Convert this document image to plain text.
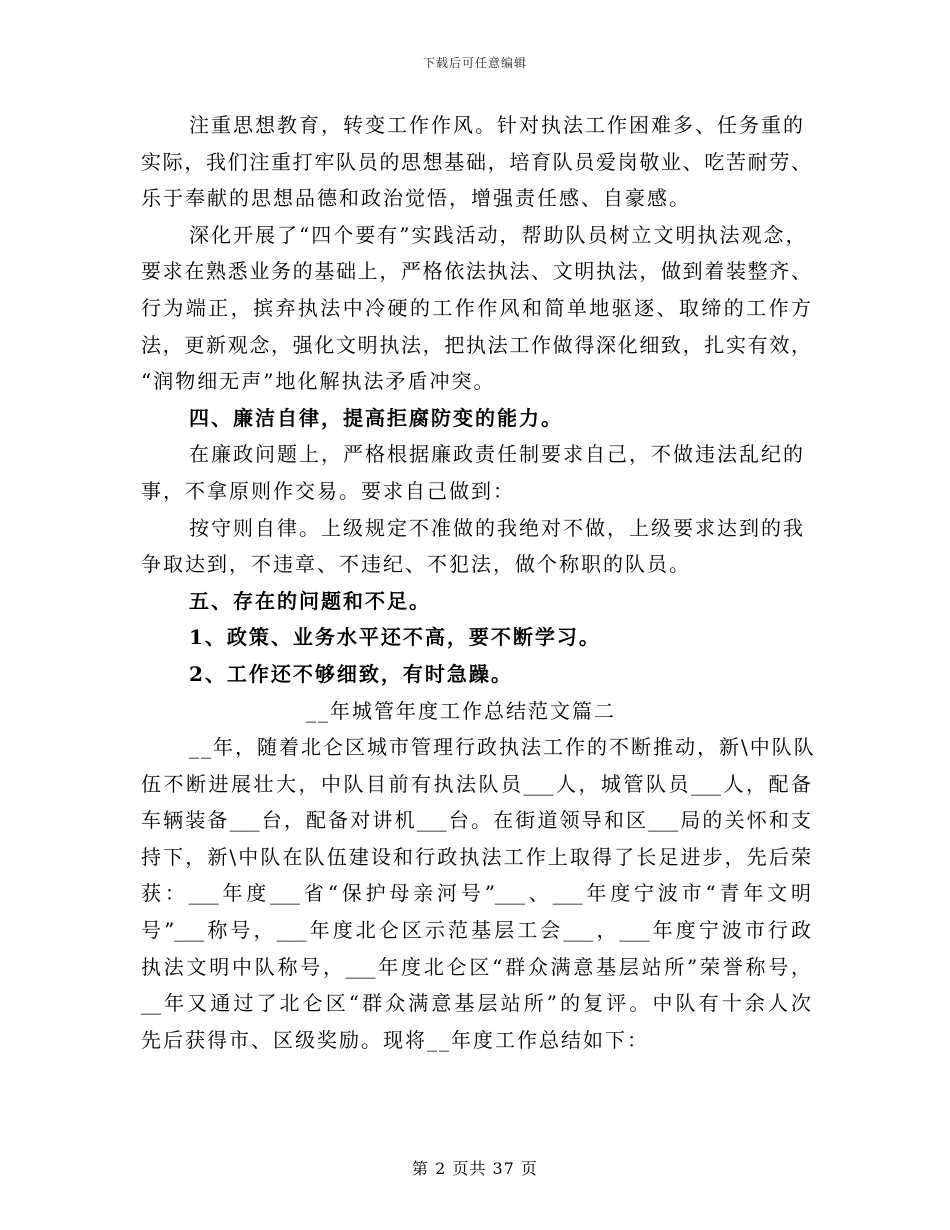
下载后可任意编辑
注重思想教育，转变工作作风。针对执法工作困难多、任务重的
实际，我们注重打牢队员的思想基础，培育队员爱岗敬业、吃苦耐劳、
乐于奉献的思想品德和政治觉悟，增强责任感、自豪感。
深化开展了“四个要有”实践活动，帮助队员树立文明执法观念，
要求在熟悉业务的基础上，严格依法执法、文明执法，做到着装整齐、
行为端正，摈弃执法中冷硬的工作作风和简单地驱逐、取缔的工作方
法，更新观念，强化文明执法，把执法工作做得深化细致，扎实有效，
“润物细无声”地化解执法矛盾冲突。
四、廉洁自律，提高拒腐防变的能力。
在廉政问题上，严格根据廉政责任制要求自己，不做违法乱纪的
事，不拿原则作交易。要求自己做到：
按守则自律。上级规定不准做的我绝对不做，上级要求达到的我
争取达到，不违章、不违纪、不犯法，做个称职的队员。
五、存在的问题和不足。
1、政策、业务水平还不高，要不断学习。
2、工作还不够细致，有时急躁。
__年城管年度工作总结范文篇二
__年，随着北仑区城市管理行政执法工作的不断推动，新\中队队
伍不断进展壮大，中队目前有执法队员___人，城管队员___人，配备
车辆装备___台，配备对讲机___台。在街道领导和区___局的关怀和支
持下，新\中队在队伍建设和行政执法工作上取得了长足进步，先后荣
获：___年度___省“保护母亲河号”___、___年度宁波市“青年文明
号”___称号，___年度北仑区示范基层工会___，___年度宁波市行政
执法文明中队称号，___年度北仑区“群众满意基层站所”荣誉称号，
__年又通过了北仑区“群众满意基层站所”的复评。中队有十余人次
先后获得市、区级奖励。现将__年度工作总结如下：
第 2 页共 37 页
